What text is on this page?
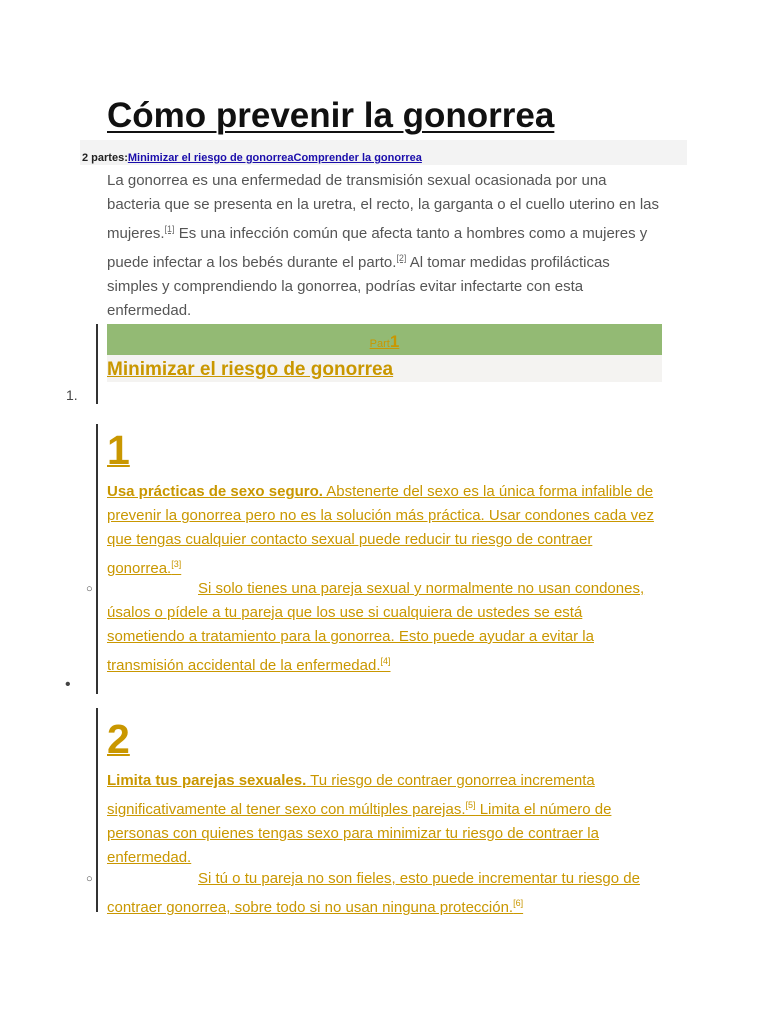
Cómo prevenir la gonorrea
2 partes:Minimizar el riesgo de gonorreaComprender la gonorrea
La gonorrea es una enfermedad de transmisión sexual ocasionada por una
bacteria que se presenta en la uretra, el recto, la garganta o el cuello uterino en las
mujeres.[1] Es una infección común que afecta tanto a hombres como a mujeres y
puede infectar a los bebés durante el parto.[2] Al tomar medidas profilácticas
simples y comprendiendo la gonorrea, podrías evitar infectarte con esta
enfermedad.
Part1
Minimizar el riesgo de gonorrea
1.
1
Usa prácticas de sexo seguro. Abstenerte del sexo es la única forma infalible de
prevenir la gonorrea pero no es la solución más práctica. Usar condones cada vez
que tengas cualquier contacto sexual puede reducir tu riesgo de contraer
gonorrea.[3]
○	Si solo tienes una pareja sexual y normalmente no usan condones,
úsalos o pídele a tu pareja que los use si cualquiera de ustedes se está
sometiendo a tratamiento para la gonorrea. Esto puede ayudar a evitar la
transmisión accidental de la enfermedad.[4]
•
2
Limita tus parejas sexuales. Tu riesgo de contraer gonorrea incrementa
significativamente al tener sexo con múltiples parejas.[5] Limita el número de
personas con quienes tengas sexo para minimizar tu riesgo de contraer la
enfermedad.
○	Si tú o tu pareja no son fieles, esto puede incrementar tu riesgo de
contraer gonorrea, sobre todo si no usan ninguna protección.[6]
